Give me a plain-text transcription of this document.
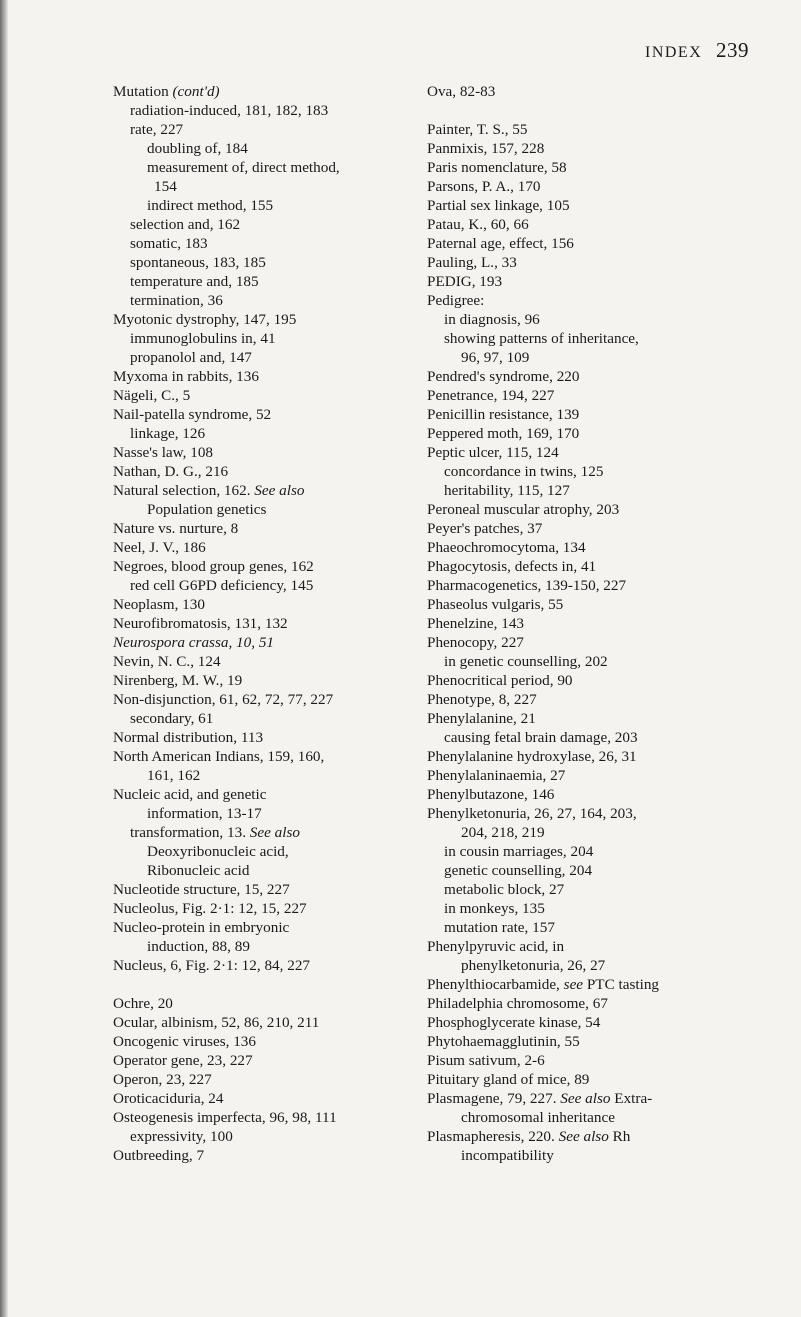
INDEX 239
Mutation (cont'd)
radiation-induced, 181, 182, 183
rate, 227
doubling of, 184
measurement of, direct method,
154
indirect method, 155
selection and, 162
somatic, 183
spontaneous, 183, 185
temperature and, 185
termination, 36
Myotonic dystrophy, 147, 195
immunoglobulins in, 41
propanolol and, 147
Myxoma in rabbits, 136
Nägeli, C., 5
Nail-patella syndrome, 52
linkage, 126
Nasse's law, 108
Nathan, D. G., 216
Natural selection, 162. See also
Population genetics
Nature vs. nurture, 8
Neel, J. V., 186
Negroes, blood group genes, 162
red cell G6PD deficiency, 145
Neoplasm, 130
Neurofibromatosis, 131, 132
Neurospora crassa, 10, 51
Nevin, N. C., 124
Nirenberg, M. W., 19
Non-disjunction, 61, 62, 72, 77, 227
secondary, 61
Normal distribution, 113
North American Indians, 159, 160,
161, 162
Nucleic acid, and genetic
information, 13-17
transformation, 13. See also
Deoxyribonucleic acid,
Ribonucleic acid
Nucleotide structure, 15, 227
Nucleolus, Fig. 2·1: 12, 15, 227
Nucleo-protein in embryonic
induction, 88, 89
Nucleus, 6, Fig. 2·1: 12, 84, 227
Ochre, 20
Ocular, albinism, 52, 86, 210, 211
Oncogenic viruses, 136
Operator gene, 23, 227
Operon, 23, 227
Oroticaciduria, 24
Osteogenesis imperfecta, 96, 98, 111
expressivity, 100
Outbreeding, 7
Ova, 82-83
Painter, T. S., 55
Panmixis, 157, 228
Paris nomenclature, 58
Parsons, P. A., 170
Partial sex linkage, 105
Patau, K., 60, 66
Paternal age, effect, 156
Pauling, L., 33
PEDIG, 193
Pedigree:
in diagnosis, 96
showing patterns of inheritance,
96, 97, 109
Pendred's syndrome, 220
Penetrance, 194, 227
Penicillin resistance, 139
Peppered moth, 169, 170
Peptic ulcer, 115, 124
concordance in twins, 125
heritability, 115, 127
Peroneal muscular atrophy, 203
Peyer's patches, 37
Phaeochromocytoma, 134
Phagocytosis, defects in, 41
Pharmacogenetics, 139-150, 227
Phaseolus vulgaris, 55
Phenelzine, 143
Phenocopy, 227
in genetic counselling, 202
Phenocritical period, 90
Phenotype, 8, 227
Phenylalanine, 21
causing fetal brain damage, 203
Phenylalanine hydroxylase, 26, 31
Phenylalaninaemia, 27
Phenylbutazone, 146
Phenylketonuria, 26, 27, 164, 203,
204, 218, 219
in cousin marriages, 204
genetic counselling, 204
metabolic block, 27
in monkeys, 135
mutation rate, 157
Phenylpyruvic acid, in
phenylketonuria, 26, 27
Phenylthiocarbamide, see PTC tasting
Philadelphia chromosome, 67
Phosphoglycerate kinase, 54
Phytohaemagglutinin, 55
Pisum sativum, 2-6
Pituitary gland of mice, 89
Plasmagene, 79, 227. See also Extra-
chromosomal inheritance
Plasmapheresis, 220. See also Rh
incompatibility
